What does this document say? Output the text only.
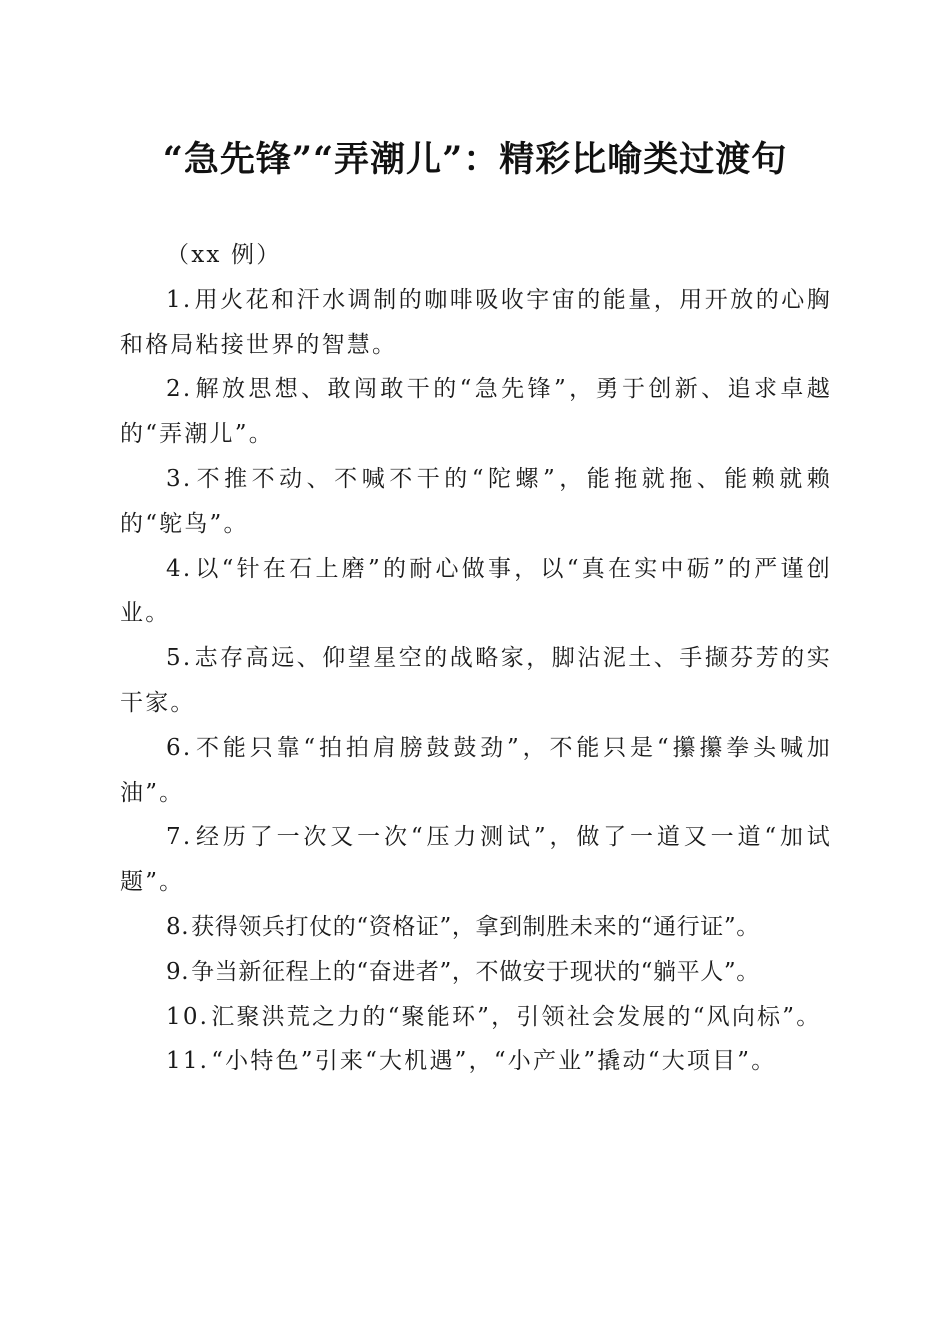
“急先锋”“弄潮儿”：精彩比喻类过渡句

（xx 例）

1.用火花和汗水调制的咖啡吸收宇宙的能量，用开放的心胸和格局粘接世界的智慧。

2.解放思想、敢闯敢干的“急先锋”，勇于创新、追求卓越的“弄潮儿”。

3.不推不动、不喊不干的“陀螺”，能拖就拖、能赖就赖的“鸵鸟”。

4.以“针在石上磨”的耐心做事，以“真在实中砺”的严谨创业。

5.志存高远、仰望星空的战略家，脚沾泥土、手撷芬芳的实干家。

6.不能只靠“拍拍肩膀鼓鼓劲”，不能只是“攥攥拳头喊加油”。

7.经历了一次又一次“压力测试”，做了一道又一道“加试题”。

8.获得领兵打仗的“资格证”，拿到制胜未来的“通行证”。

9.争当新征程上的“奋进者”，不做安于现状的“躺平人”。

10.汇聚洪荒之力的“聚能环”，引领社会发展的“风向标”。

11.“小特色”引来“大机遇”，“小产业”撬动“大项目”。
